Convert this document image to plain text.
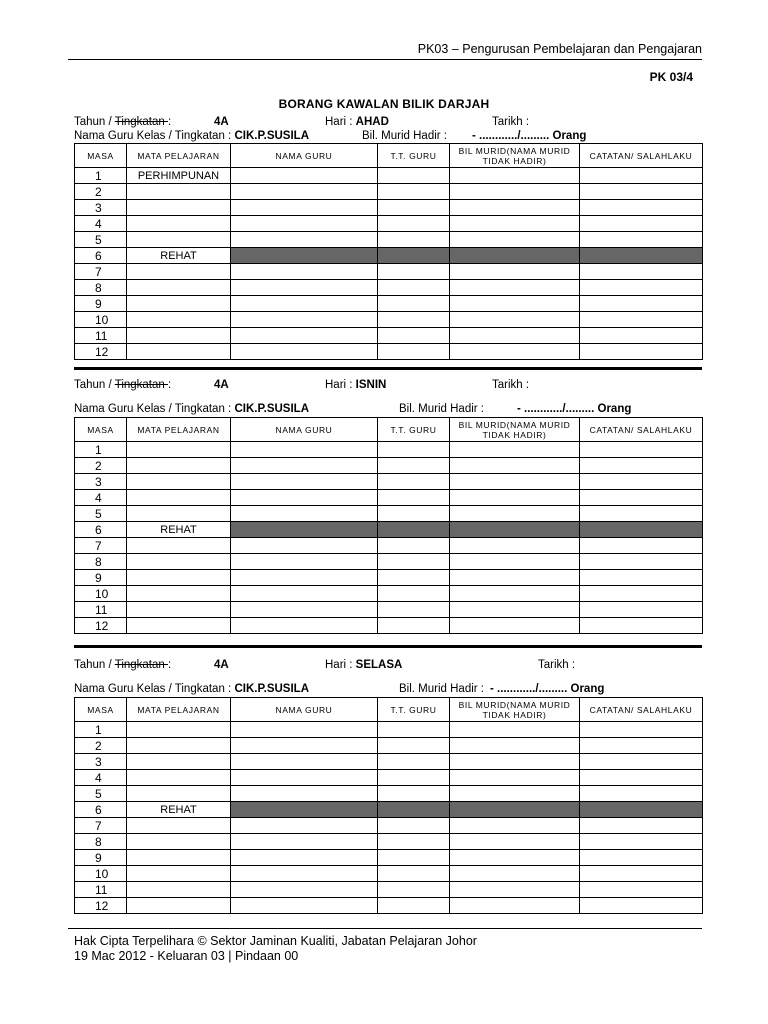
PK03 – Pengurusan Pembelajaran dan Pengajaran
PK 03/4
BORANG KAWALAN BILIK DARJAH
Tahun / Tingkatan :	4A	Hari : AHAD	Tarikh :
Nama Guru Kelas / Tingkatan : CIK.P.SUSILA	Bil. Murid Hadir : - ............/......... Orang
MASA	MATA PELAJARAN	NAMA GURU	T.T. GURU	BIL MURID(NAMA MURID TIDAK HADIR)	CATATAN/ SALAHLAKU
1	PERHIMPUNAN				
2					
3					
4					
5					
6	REHAT				
7					
8					
9					
10					
11					
12					
Tahun / Tingkatan :	4A	Hari : ISNIN	Tarikh :
Nama Guru Kelas / Tingkatan : CIK.P.SUSILA	Bil. Murid Hadir :	- ............/......... Orang
MASA	MATA PELAJARAN	NAMA GURU	T.T. GURU	BIL MURID(NAMA MURID TIDAK HADIR)	CATATAN/ SALAHLAKU
1					
2					
3					
4					
5					
6	REHAT				
7					
8					
9					
10					
11					
12					
Tahun / Tingkatan :	4A	Hari : SELASA	Tarikh :
Nama Guru Kelas / Tingkatan : CIK.P.SUSILA	Bil. Murid Hadir : - ............/......... Orang
MASA	MATA PELAJARAN	NAMA GURU	T.T. GURU	BIL MURID(NAMA MURID TIDAK HADIR)	CATATAN/ SALAHLAKU
1					
2					
3					
4					
5					
6	REHAT				
7					
8					
9					
10					
11					
12					
Hak Cipta Terpelihara © Sektor Jaminan Kualiti, Jabatan Pelajaran Johor
19 Mac 2012 - Keluaran 03 | Pindaan 00
